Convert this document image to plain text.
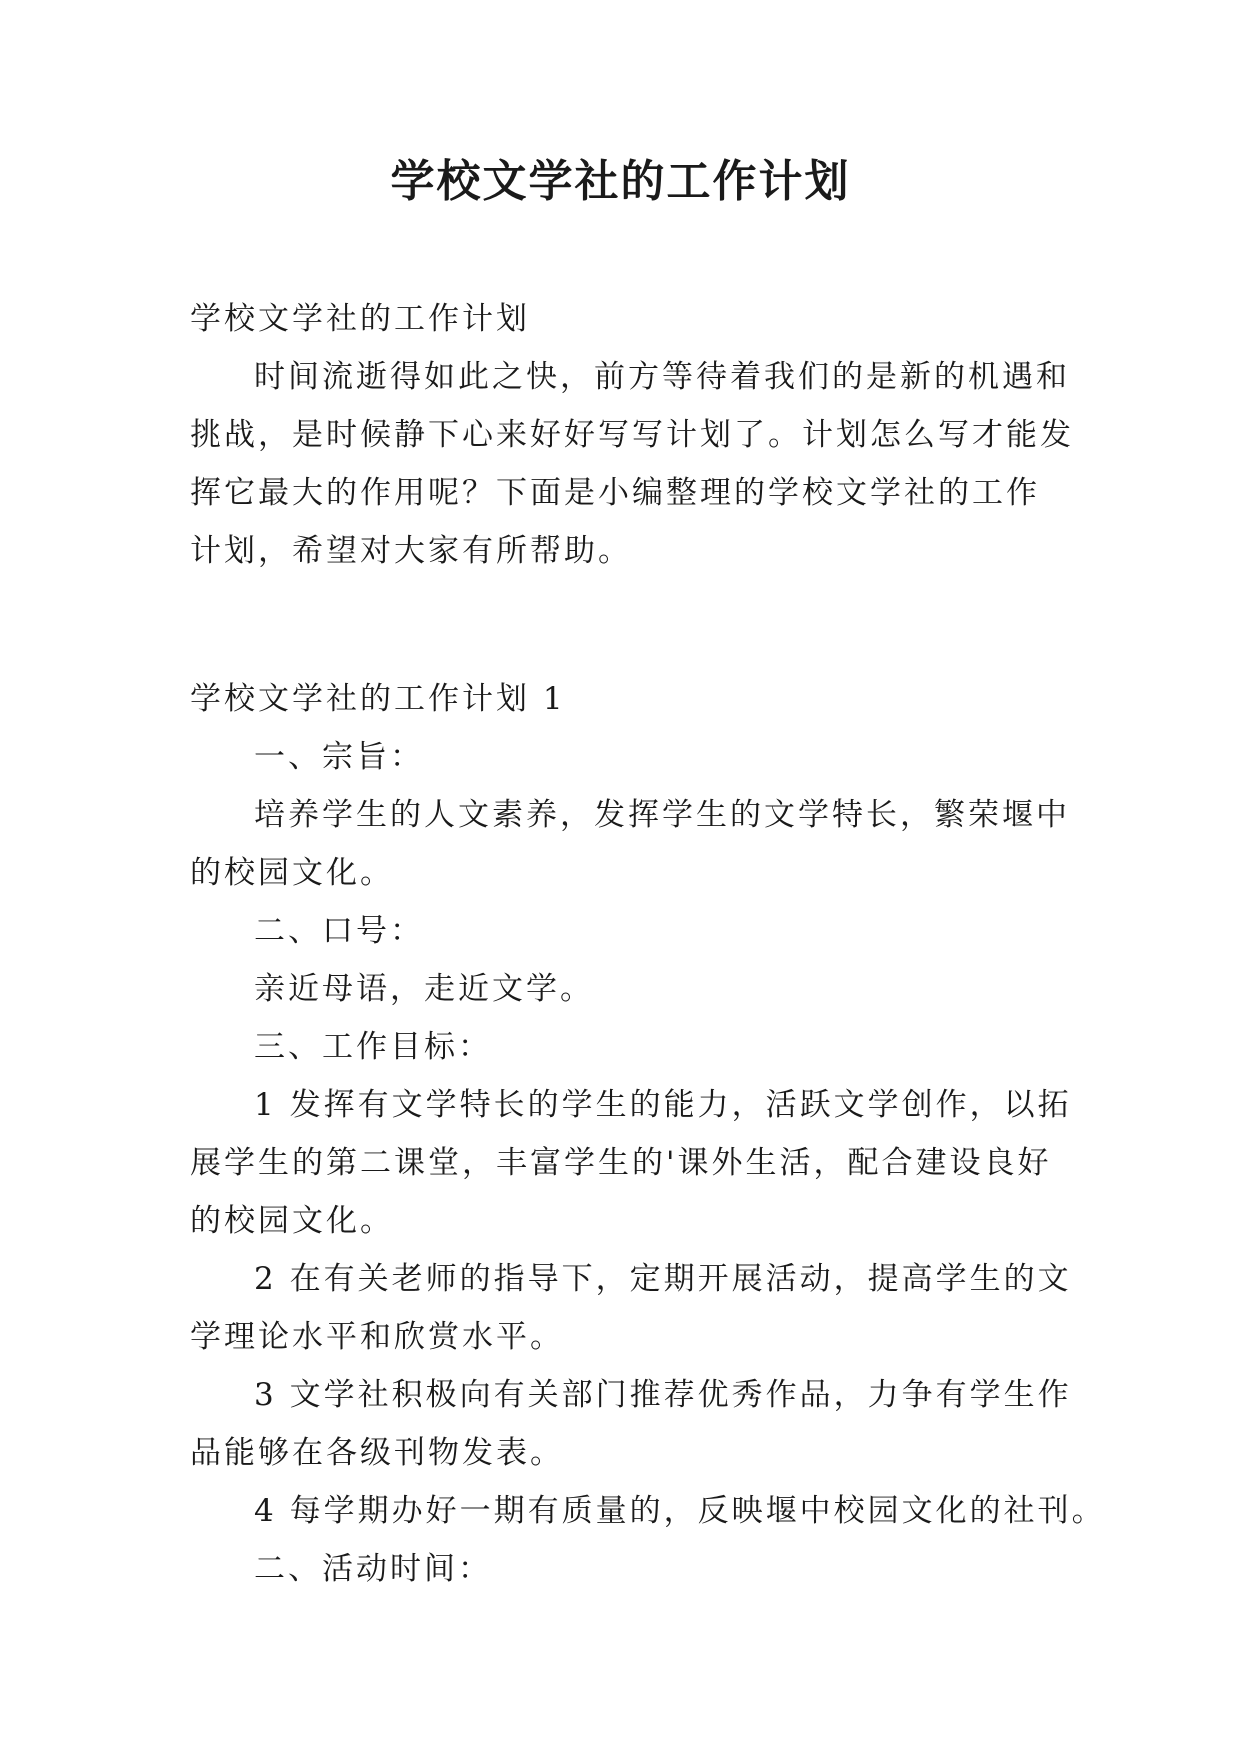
学校文学社的工作计划

学校文学社的工作计划

时间流逝得如此之快，前方等待着我们的是新的机遇和

挑战，是时候静下心来好好写写计划了。计划怎么写才能发

挥它最大的作用呢？下面是小编整理的学校文学社的工作

计划，希望对大家有所帮助。

学校文学社的工作计划 1

一、宗旨：

培养学生的人文素养，发挥学生的文学特长，繁荣堰中

的校园文化。

二、口号：

亲近母语，走近文学。

三、工作目标：

1 发挥有文学特长的学生的能力，活跃文学创作，以拓

展学生的第二课堂，丰富学生的'课外生活，配合建设良好

的校园文化。

2 在有关老师的指导下，定期开展活动，提高学生的文

学理论水平和欣赏水平。

3 文学社积极向有关部门推荐优秀作品，力争有学生作

品能够在各级刊物发表。

4 每学期办好一期有质量的，反映堰中校园文化的社刊。

二、活动时间：
